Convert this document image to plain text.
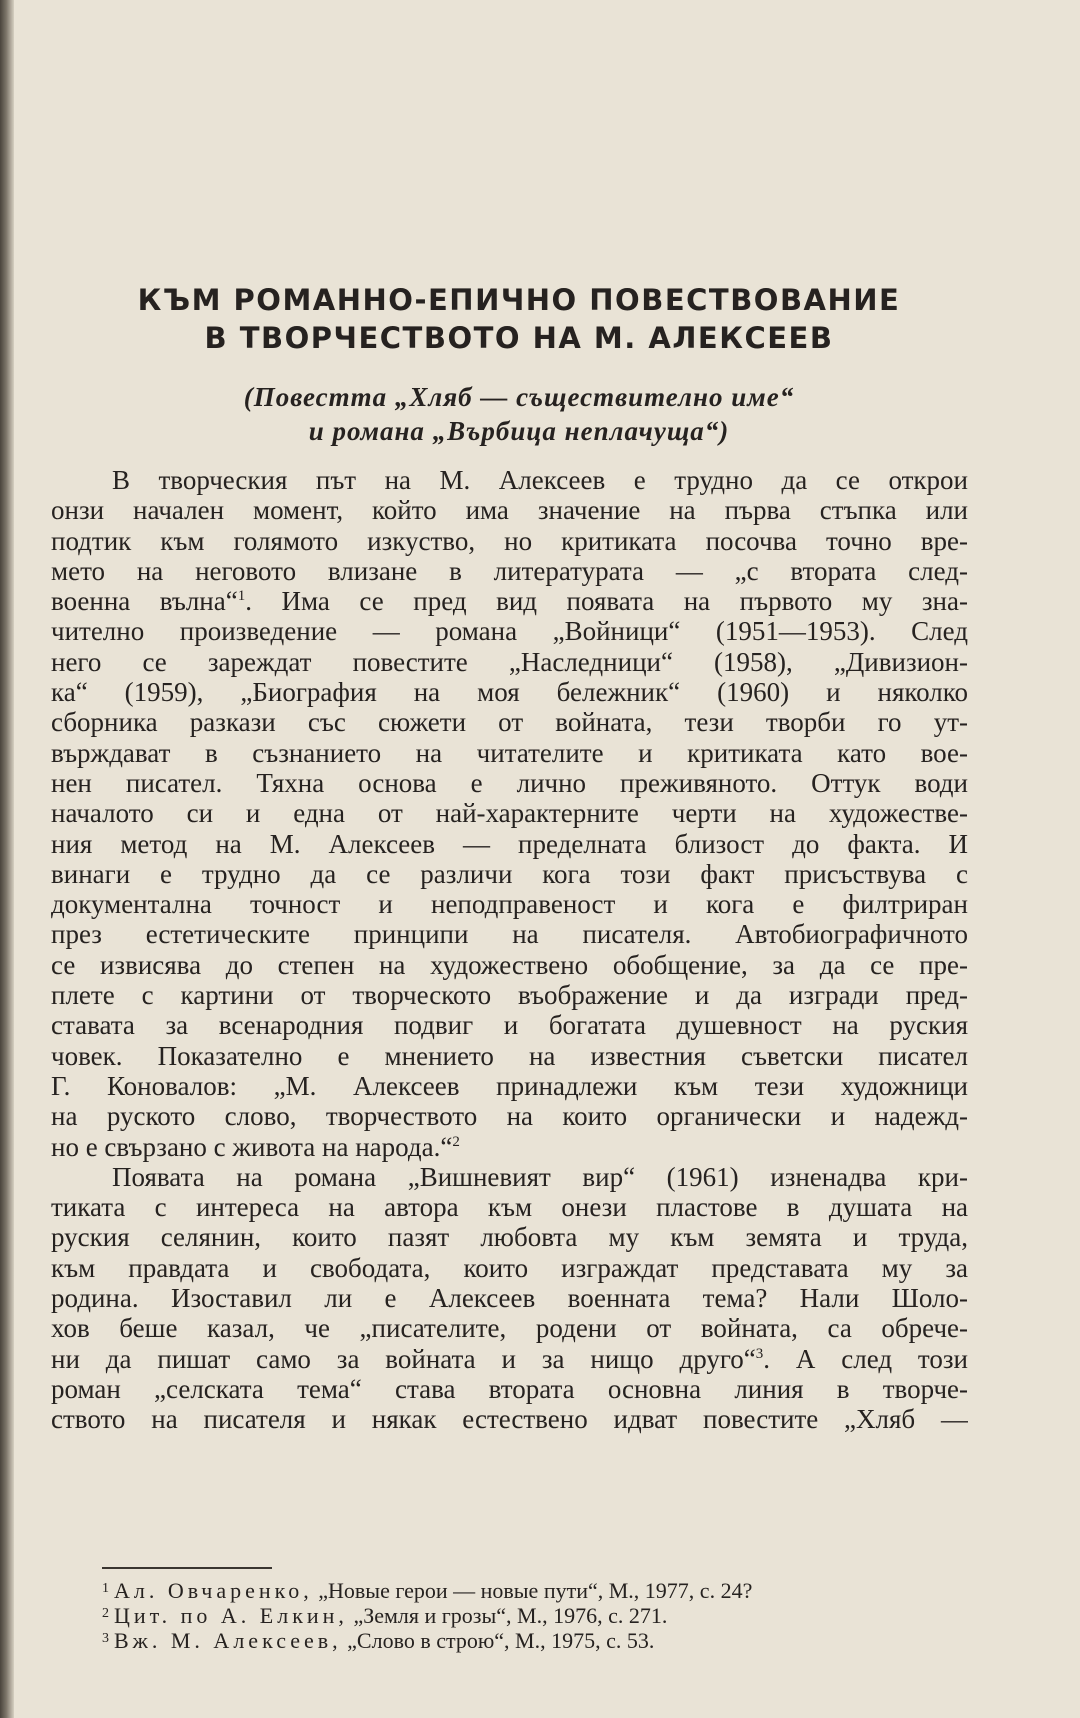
КЪМ РОМАННО-ЕПИЧНО ПОВЕСТВОВАНИЕ
В ТВОРЧЕСТВОТО НА М. АЛЕКСЕЕВ
(Повестта „Хляб — съществително име“
и романа „Върбица неплачуща“)
В творческия път на М. Алексеев е трудно да се открои
онзи начален момент, който има значение на първа стъпка или
подтик към голямото изкуство, но критиката посочва точно вре-
мето на неговото влизане в литературата — „с втората след-
военна вълна“$^1$. Има се пред вид появата на първото му зна-
чително произведение — романа „Войници“ (1951—1953). След
него се зареждат повестите „Наследници“ (1958), „Дивизион-
ка“ (1959), „Биография на моя бележник“ (1960) и няколко
сборника разкази със сюжети от войната, тези творби го ут-
върждават в съзнанието на читателите и критиката като вое-
нен писател. Тяхна основа е лично преживяното. Оттук води
началото си и една от най-характерните черти на художестве-
ния метод на М. Алексеев — пределната близост до факта. И
винаги е трудно да се различи кога този факт присъствува с
документална точност и неподправеност и кога е филтриран
през естетическите принципи на писателя. Автобиографичното
се извисява до степен на художествено обобщение, за да се пре-
плете с картини от творческото въображение и да изгради пред-
ставата за всенародния подвиг и богатата душевност на руския
човек. Показателно е мнението на известния съветски писател
Г. Коновалов: „М. Алексеев принадлежи към тези художници
на руското слово, творчеството на които органически и надежд-
но е свързано с живота на народа.“$^2$
Появата на романа „Вишневият вир“ (1961) изненадва кри-
тиката с интереса на автора към онези пластове в душата на
руския селянин, които пазят любовта му към земята и труда,
към правдата и свободата, които изграждат представата му за
родина. Изоставил ли е Алексеев военната тема? Нали Шоло-
хов беше казал, че „писателите, родени от войната, са обрече-
ни да пишат само за войната и за нищо друго“$^3$. А след този
роман „селската тема“ става втората основна линия в творче-
ството на писателя и някак естествено идват повестите „Хляб —
$^1$ Ал. Овчаренко, „Новые герои — новые пути“, М., 1977, с. 24?
$^2$ Цит. по А. Елкин, „Земля и грозы“, М., 1976, с. 271.
$^3$ Вж. М. Алексеев, „Слово в строю“, М., 1975, с. 53.
